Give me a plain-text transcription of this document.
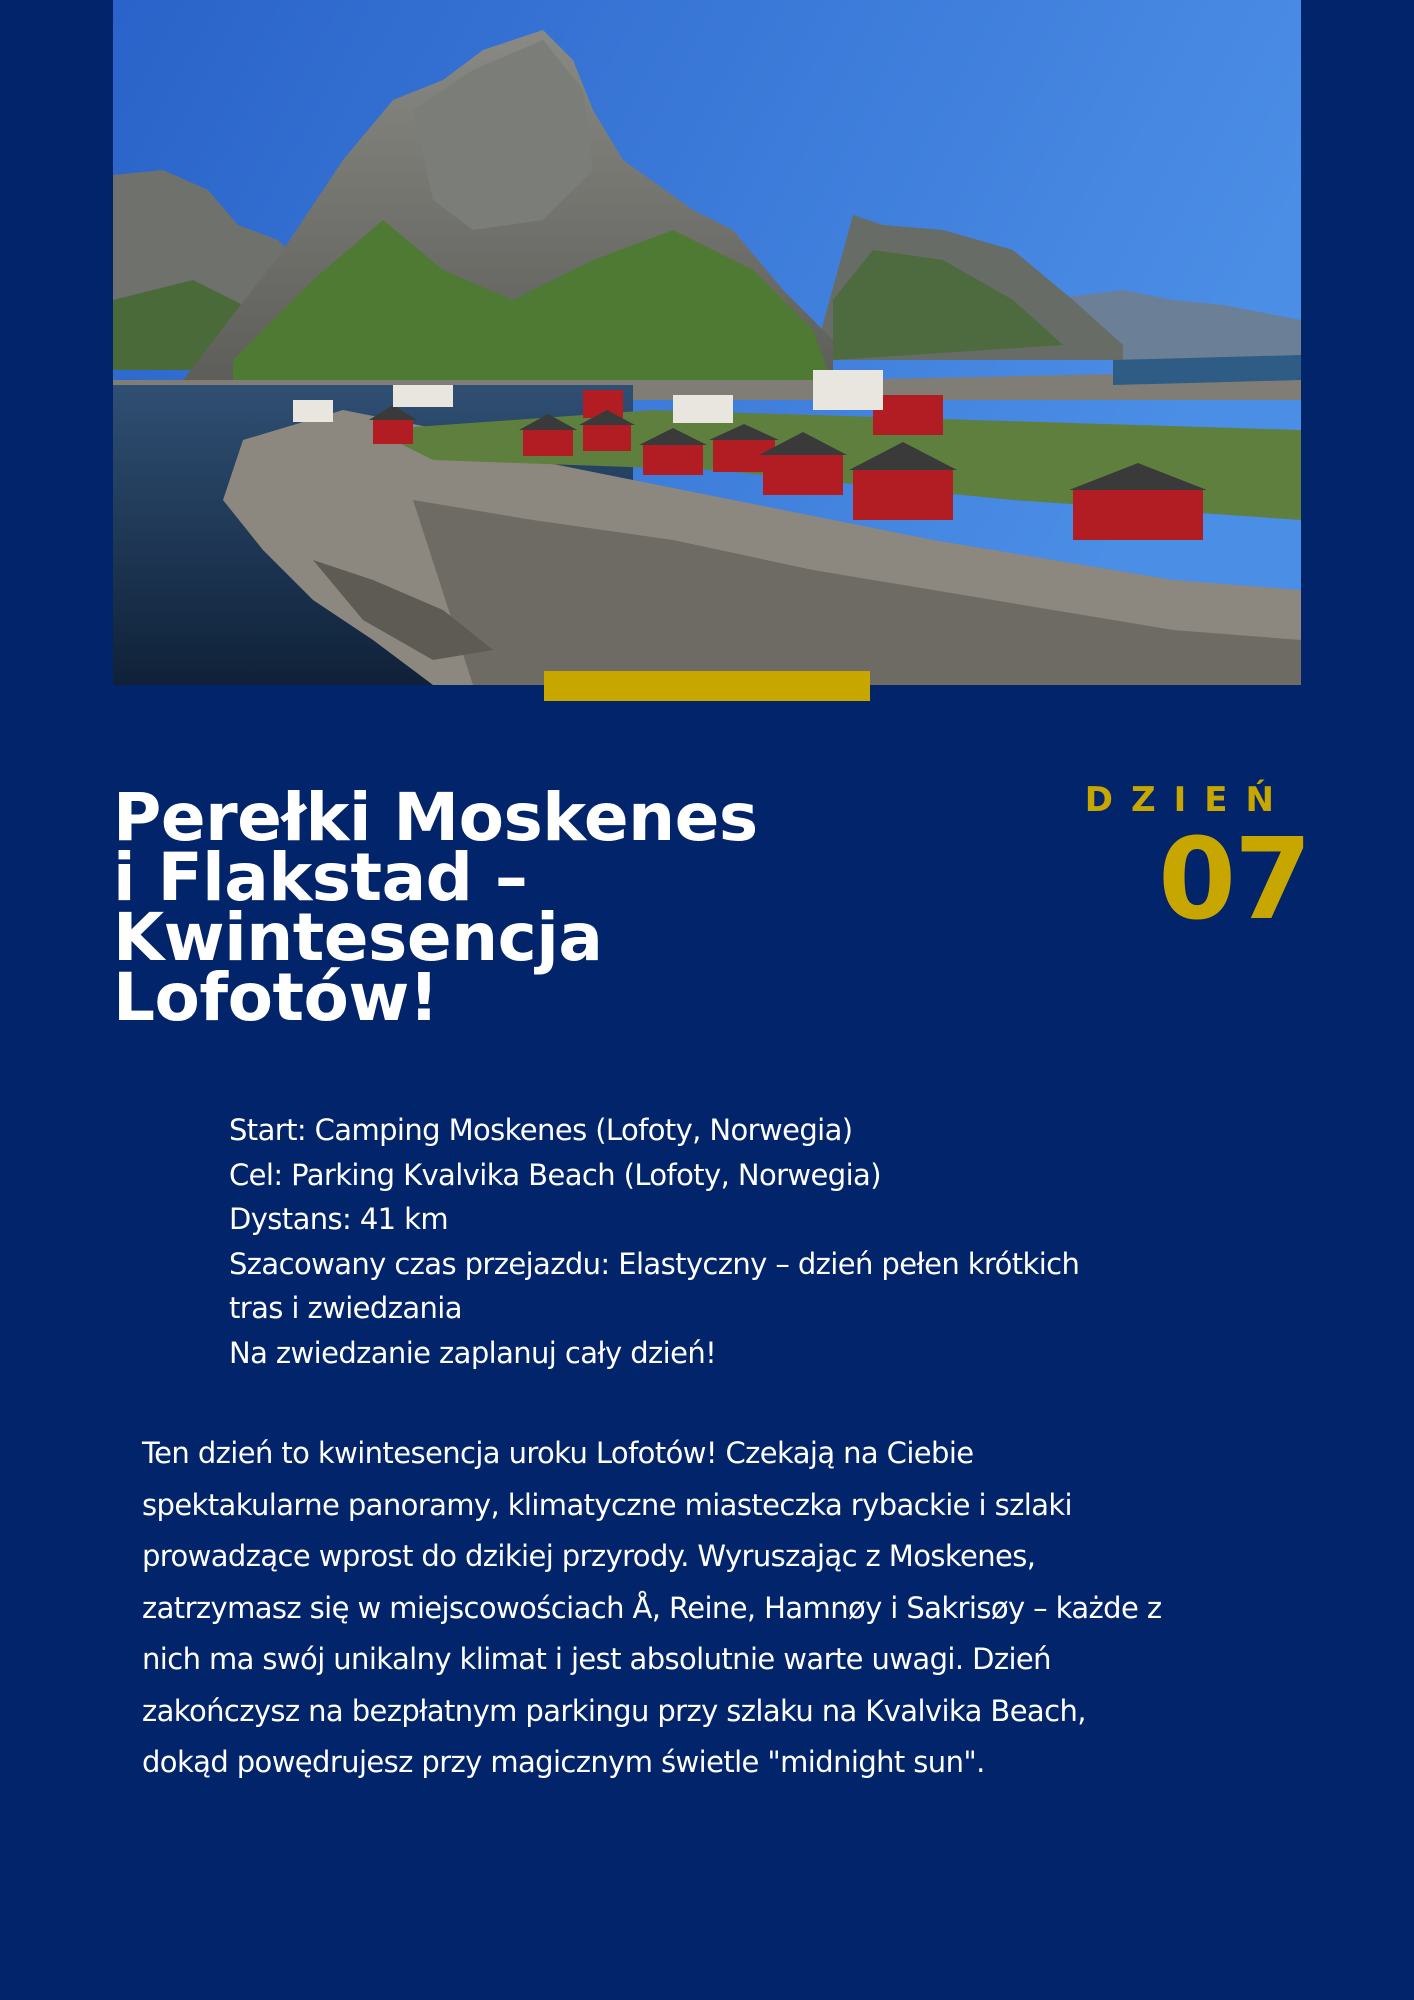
Perełki Moskenes
i Flakstad –
Kwintesencja
Lofotów!
DZIEŃ
07
Start: Camping Moskenes (Lofoty, Norwegia)
Cel: Parking Kvalvika Beach (Lofoty, Norwegia)
Dystans: 41 km
Szacowany czas przejazdu: Elastyczny – dzień pełen krótkich
tras i zwiedzania
Na zwiedzanie zaplanuj cały dzień!

Ten dzień to kwintesencja uroku Lofotów! Czekają na Ciebie
spektakularne panoramy, klimatyczne miasteczka rybackie i szlaki
prowadzące wprost do dzikiej przyrody. Wyruszając z Moskenes,
zatrzymasz się w miejscowościach Å, Reine, Hamnøy i Sakrisøy – każde z
nich ma swój unikalny klimat i jest absolutnie warte uwagi. Dzień
zakończysz na bezpłatnym parkingu przy szlaku na Kvalvika Beach,
dokąd powędrujesz przy magicznym świetle "midnight sun".
